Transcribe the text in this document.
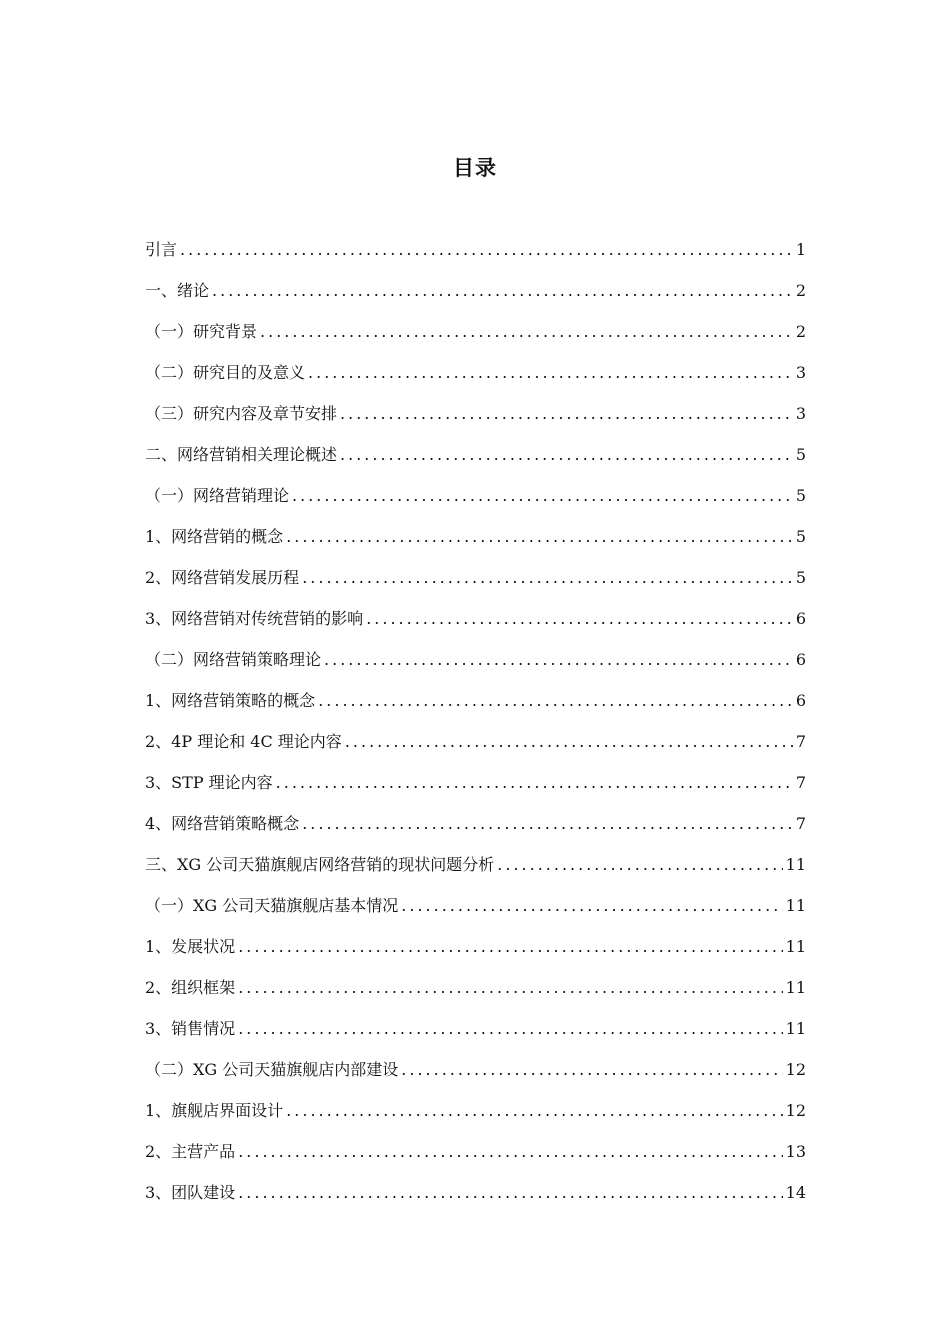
目录
引言 .....	1
一、绪论 .....	2
（一）研究背景 .....	2
（二）研究目的及意义 .....	3
（三）研究内容及章节安排 .....	3
二、网络营销相关理论概述 .....	5
（一）网络营销理论 .....	5
1、网络营销的概念 .....	5
2、网络营销发展历程 .....	5
3、网络营销对传统营销的影响 .....	6
（二）网络营销策略理论 .....	6
1、网络营销策略的概念 .....	6
2、4P 理论和 4C 理论内容 .....	7
3、STP 理论内容 .....	7
4、网络营销策略概念 .....	7
三、XG 公司天猫旗舰店网络营销的现状问题分析 .....	11
（一）XG 公司天猫旗舰店基本情况 .....	11
1、发展状况 .....	11
2、组织框架 .....	11
3、销售情况 .....	11
（二）XG 公司天猫旗舰店内部建设 .....	12
1、旗舰店界面设计 .....	12
2、主营产品 .....	13
3、团队建设 .....	14
